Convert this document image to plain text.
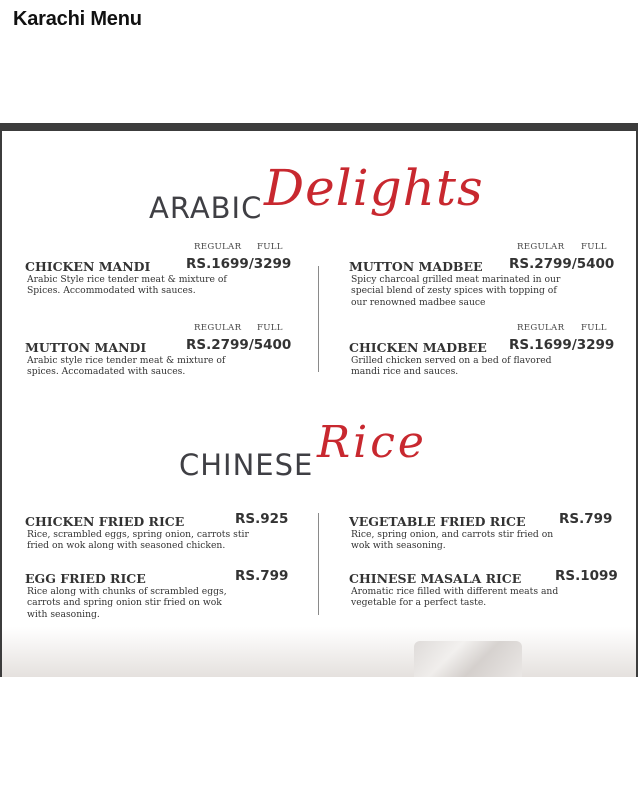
Karachi Menu
ARABIC Delights
CHICKEN MANDI
REGULAR FULL
RS.1699/3299
Arabic Style rice tender meat & mixture of
Spices. Accommodated with sauces.
MUTTON MADBEE
REGULAR FULL
RS.2799/5400
Spicy charcoal grilled meat marinated in our
special blend of zesty spices with topping of
our renowned madbee sauce
MUTTON MANDI
REGULAR FULL
RS.2799/5400
Arabic style rice tender meat & mixture of
spices. Accomadated with sauces.
CHICKEN MADBEE
REGULAR FULL
RS.1699/3299
Grilled chicken served on a bed of flavored
mandi rice and sauces.
CHINESE Rice
CHICKEN FRIED RICE	RS.925
Rice, scrambled eggs, spring onion, carrots stir
fried on wok along with seasoned chicken.
VEGETABLE FRIED RICE RS.799
Rice, spring onion, and carrots stir fried on
wok with seasoning.
EGG FRIED RICE	RS.799
Rice along with chunks of scrambled eggs,
carrots and spring onion stir fried on wok
with seasoning.
CHINESE MASALA RICE RS.1099
Aromatic rice filled with different meats and
vegetable for a perfect taste.
